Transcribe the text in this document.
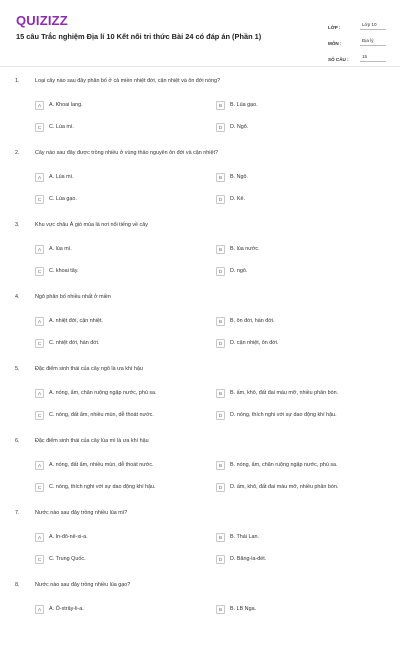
QUIZIZZ
15 câu Trắc nghiệm Địa lí 10 Kết nối tri thức Bài 24 có đáp án (Phần 1)
LỚP :
Lớp 10
MÔN :
Địa lý
SỐ CÂU :
15
1.	Loại cây nào sau đây phân bố ở cả miền nhiệt đới, cận nhiệt và ôn đới nóng?
A	A. Khoai lang.	B	B. Lúa gạo.
C	C. Lúa mì.	D	D. Ngô.
2.	Cây nào sau đây được trồng nhiều ở vùng thảo nguyên ôn đới và cận nhiệt?
A	A. Lúa mì.	B	B. Ngô.
C	C. Lúa gạo.	D	D. Kê.
3.	Khu vực châu Á gió mùa là nơi nổi tiếng về cây
A	A. lúa mì.	B	B. lúa nước.
C	C. khoai tây.	D	D. ngô.
4.	Ngô phân bố nhiều nhất ở miền
A	A. nhiệt đới, cận nhiệt.	B	B. ôn đới, hàn đới.
C	C. nhiệt đới, hàn đới.	D	D. cận nhiệt, ôn đới.
5.	Đặc điểm sinh thái của cây ngô là ưa khí hậu
A	A. nóng, ẩm, chân ruộng ngập nước, phù sa.	B	B. ấm, khô, đất đai màu mỡ, nhiều phân bón.
C	C. nóng, đất ẩm, nhiều mùn, dễ thoát nước.	D	D. nóng, thích nghi với sự dao động khí hậu.
6.	Đặc điểm sinh thái của cây lúa mì là ưa khí hậu
A	A. nóng, đất ẩm, nhiều mùn, dễ thoát nước.	B	B. nóng, ẩm, chân ruộng ngập nước, phù sa.
C	C. nóng, thích nghi với sự dao động khí hậu.	D	D. ấm, khô, đất đai màu mỡ, nhiều phân bón.
7.	Nước nào sau đây trồng nhiều lúa mì?
A	A. In-đô-nê-xi-a.	B	B. Thái Lan.
C	C. Trung Quốc.	D	D. Băng-la-đét.
8.	Nước nào sau đây trồng nhiều lúa gạo?
A	A. Ô-xtrây-li-a.	B	B. LB Nga.
